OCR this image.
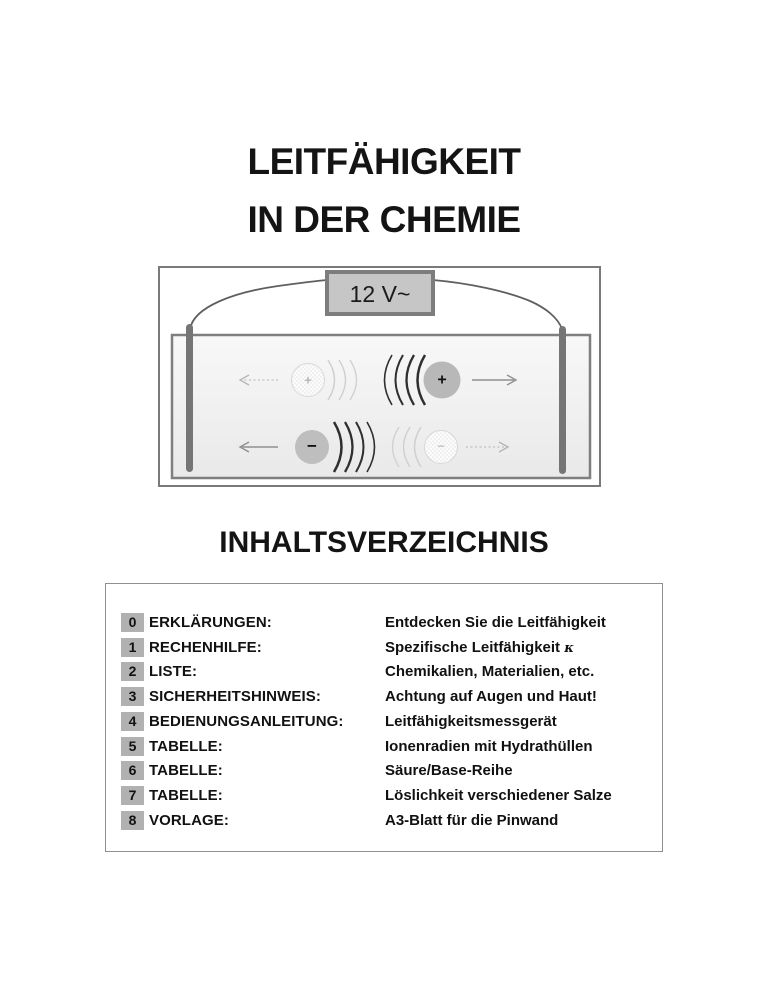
LEITFÄHIGKEIT
IN DER CHEMIE
12 V~
+	+
−	−
INHALTSVERZEICHNIS
0 ERKLÄRUNGEN:	Entdecken Sie die Leitfähigkeit
1 RECHENHILFE:	Spezifische Leitfähigkeit κ
2 LISTE:	Chemikalien, Materialien, etc.
3 SICHERHEITSHINWEIS:	Achtung auf Augen und Haut!
4 BEDIENUNGSANLEITUNG:	Leitfähigkeitsmessgerät
5 TABELLE:	Ionenradien mit Hydrathüllen
6 TABELLE:	Säure/Base-Reihe
7 TABELLE:	Löslichkeit verschiedener Salze
8 VORLAGE:	A3-Blatt für die Pinwand
